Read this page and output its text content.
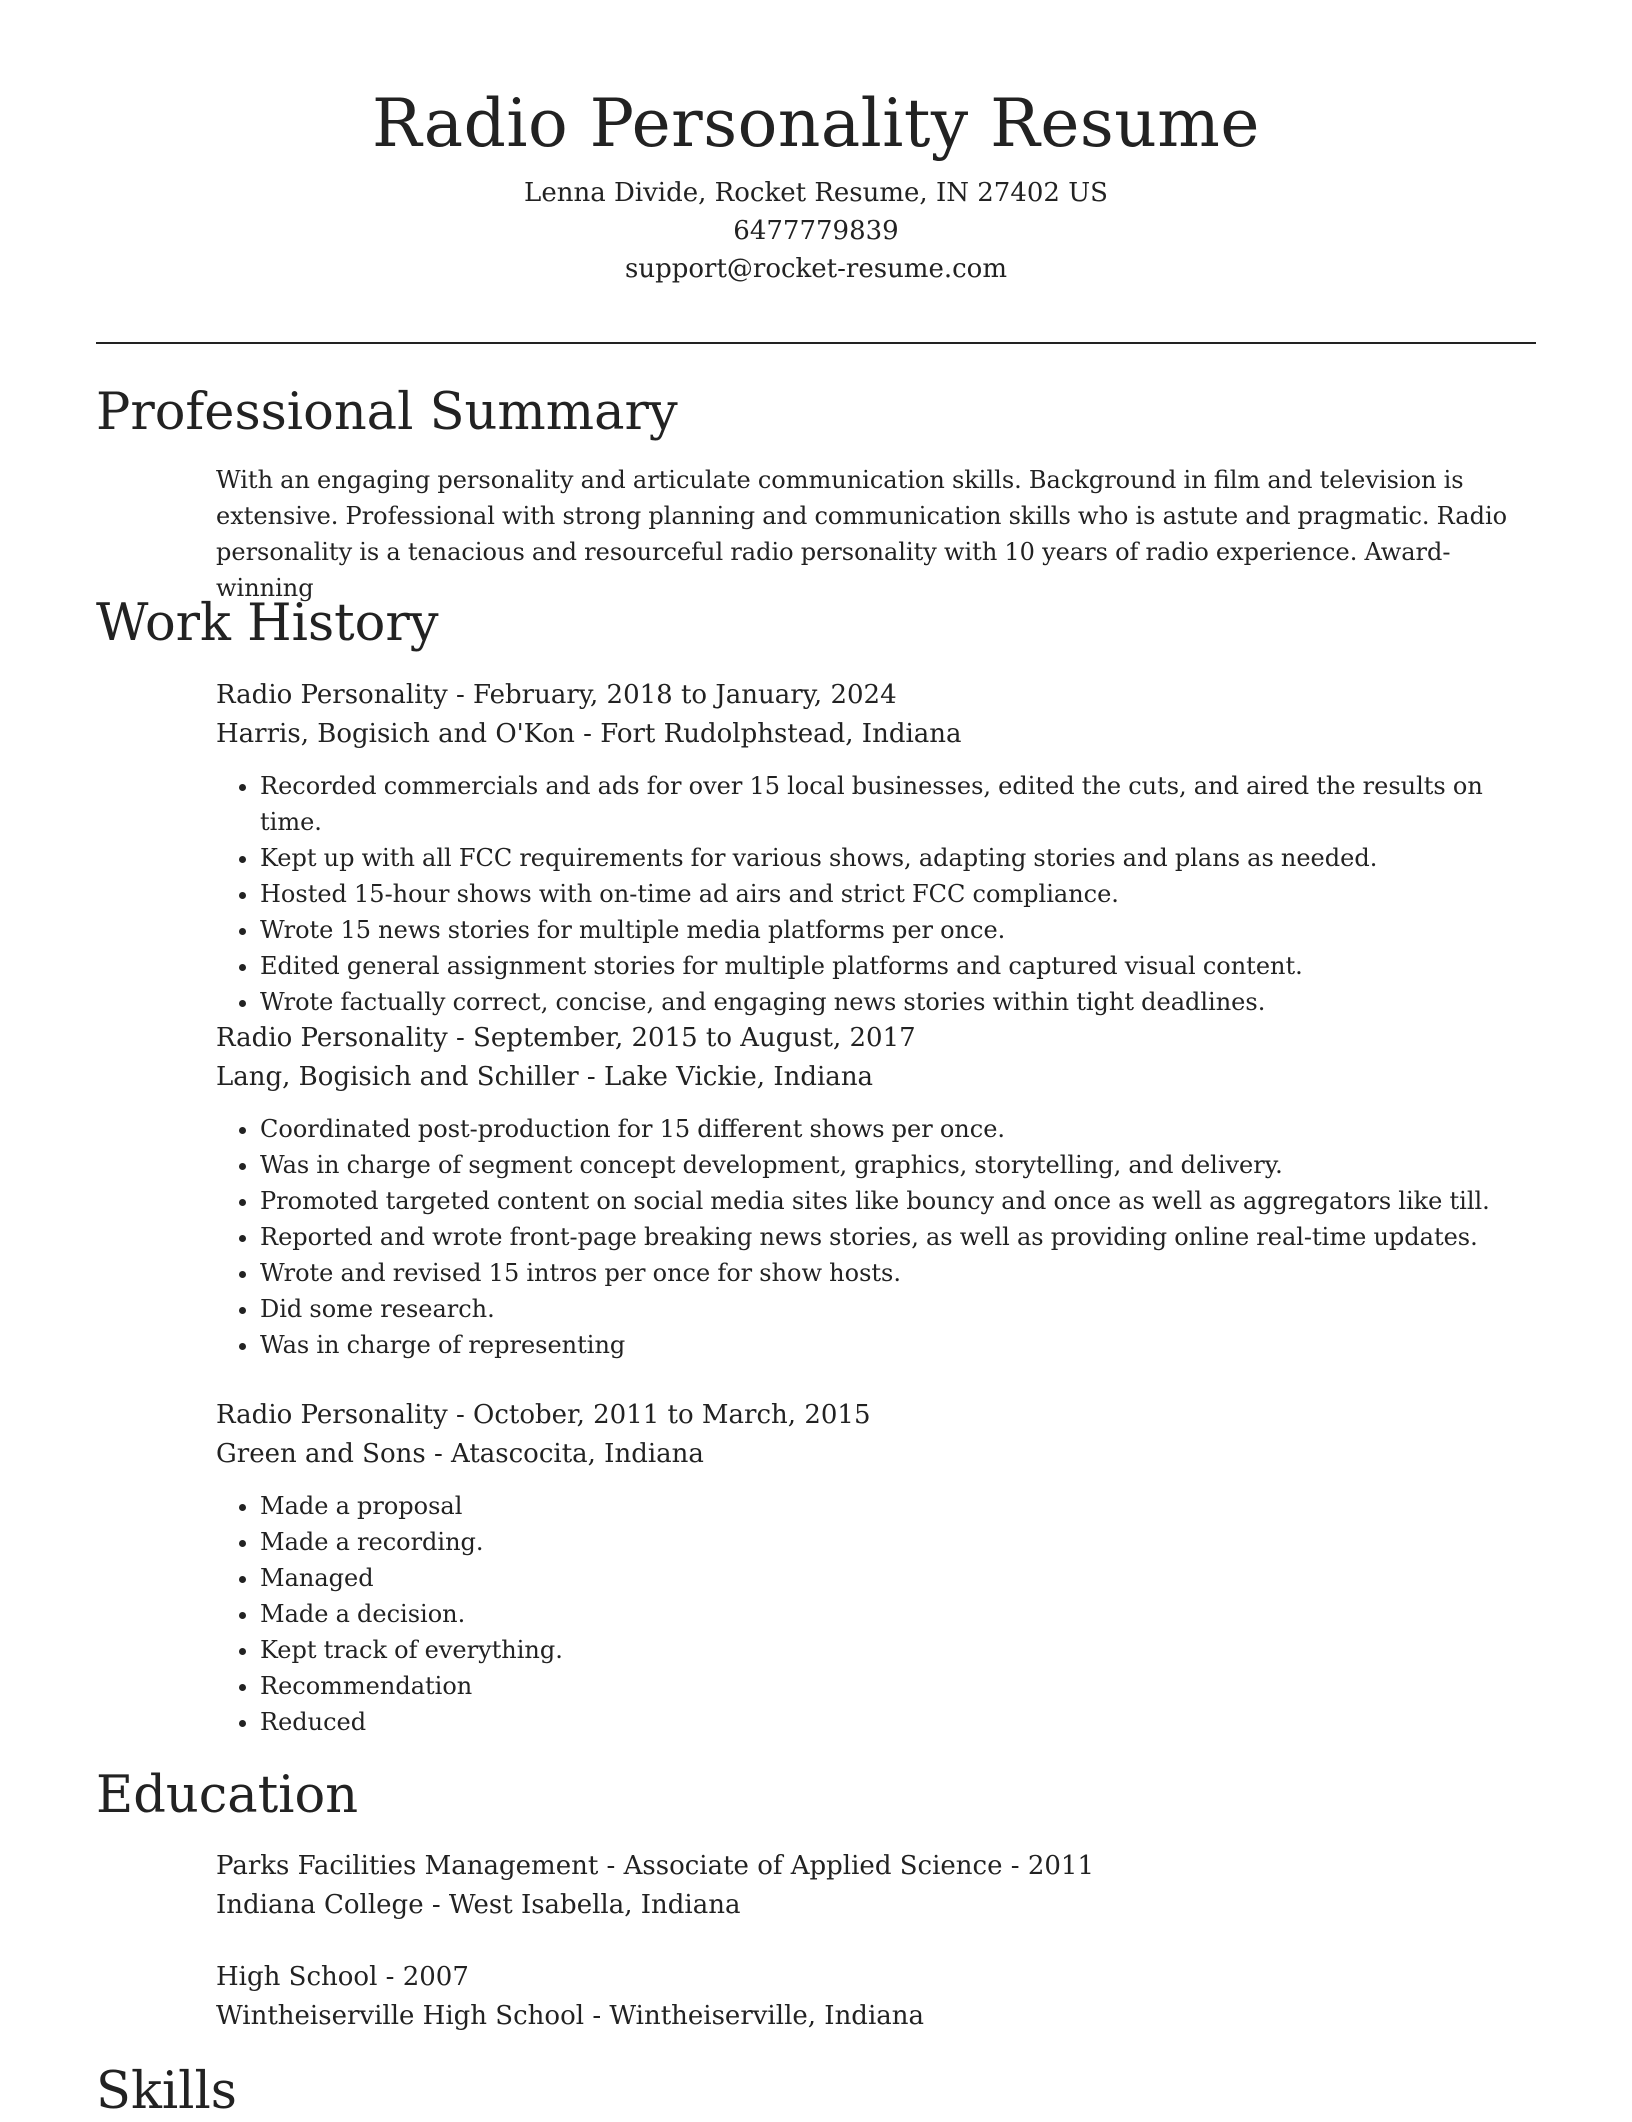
Radio Personality Resume

Lenna Divide, Rocket Resume, IN 27402 US

6477779839

support@rocket-resume.com

Professional Summary

With an engaging personality and articulate communication skills. Background in film and television is extensive. Professional with strong planning and communication skills who is astute and pragmatic. Radio personality is a tenacious and resourceful radio personality with 10 years of radio experience. Award-winning

Work History

Radio Personality - February, 2018 to January, 2024

Harris, Bogisich and O'Kon - Fort Rudolphstead, Indiana

• Recorded commercials and ads for over 15 local businesses, edited the cuts, and aired the results on time.
• Kept up with all FCC requirements for various shows, adapting stories and plans as needed.
• Hosted 15-hour shows with on-time ad airs and strict FCC compliance.
• Wrote 15 news stories for multiple media platforms per once.
• Edited general assignment stories for multiple platforms and captured visual content.
• Wrote factually correct, concise, and engaging news stories within tight deadlines.

Radio Personality - September, 2015 to August, 2017

Lang, Bogisich and Schiller - Lake Vickie, Indiana

• Coordinated post-production for 15 different shows per once.
• Was in charge of segment concept development, graphics, storytelling, and delivery.
• Promoted targeted content on social media sites like bouncy and once as well as aggregators like till.
• Reported and wrote front-page breaking news stories, as well as providing online real-time updates.
• Wrote and revised 15 intros per once for show hosts.
• Did some research.
• Was in charge of representing

Radio Personality - October, 2011 to March, 2015

Green and Sons - Atascocita, Indiana

• Made a proposal
• Made a recording.
• Managed
• Made a decision.
• Kept track of everything.
• Recommendation
• Reduced
Education

Parks Facilities Management - Associate of Applied Science - 2011

Indiana College - West Isabella, Indiana

High School - 2007

Wintheiserville High School - Wintheiserville, Indiana

Skills
